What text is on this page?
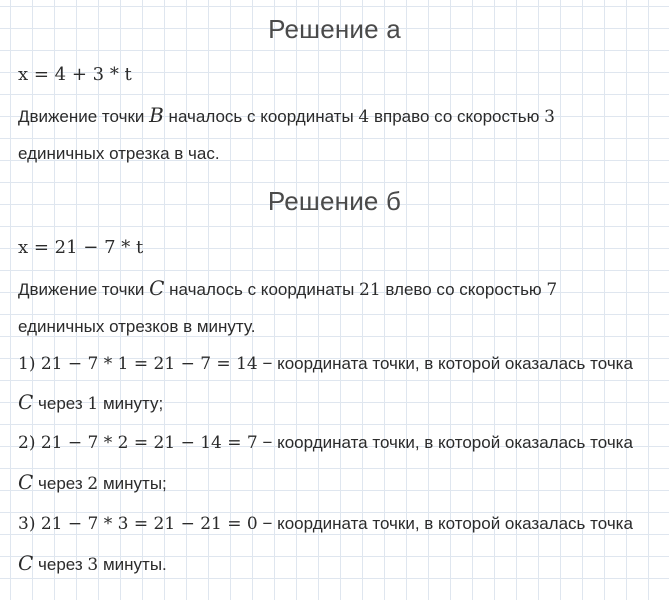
Решение а
x = 4 + 3 * t
Движение точки B началось с координаты 4 вправо со скоростью 3
единичных отрезка в час.
Решение б
x = 21 − 7 * t
Движение точки C началось с координаты 21 влево со скоростью 7
единичных отрезков в минуту.
1) 21 − 7 * 1 = 21 − 7 = 14 − координата точки, в которой оказалась точка
C через 1 минуту;
2) 21 − 7 * 2 = 21 − 14 = 7 − координата точки, в которой оказалась точка
C через 2 минуты;
3) 21 − 7 * 3 = 21 − 21 = 0 − координата точки, в которой оказалась точка
C через 3 минуты.
